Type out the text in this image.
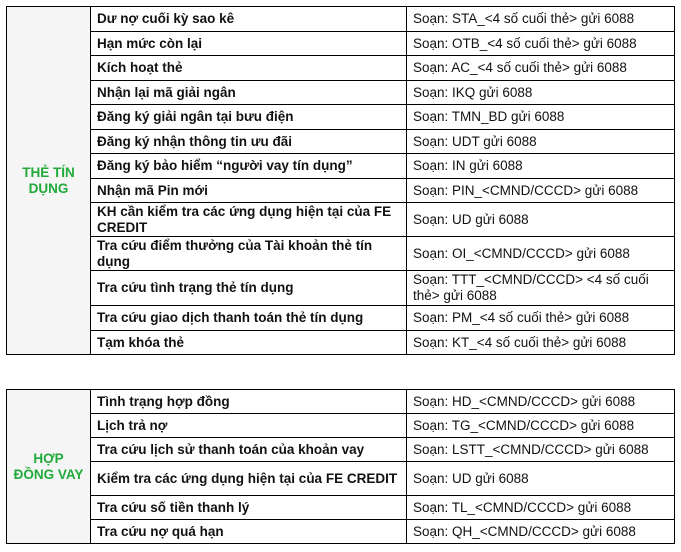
THẺ TÍN DỤNG	Dư nợ cuối kỳ sao kê	Soạn: STA_<4 số cuối thẻ> gửi 6088
	Hạn mức còn lại	Soạn: OTB_<4 số cuối thẻ> gửi 6088
	Kích hoạt thẻ	Soạn: AC_<4 số cuối thẻ> gửi 6088
	Nhận lại mã giải ngân	Soạn: IKQ gửi 6088
	Đăng ký giải ngân tại bưu điện	Soạn: TMN_BD gửi 6088
	Đăng ký nhận thông tin ưu đãi	Soạn: UDT gửi 6088
	Đăng ký bảo hiểm “người vay tín dụng”	Soạn: IN gửi 6088
	Nhận mã Pin mới	Soạn: PIN_<CMND/CCCD> gửi 6088
	KH cần kiểm tra các ứng dụng hiện tại của FE CREDIT	Soạn: UD gửi 6088
	Tra cứu điểm thưởng của Tài khoản thẻ tín dụng	Soạn: OI_<CMND/CCCD> gửi 6088
	Tra cứu tình trạng thẻ tín dụng	Soạn: TTT_<CMND/CCCD> <4 số cuối thẻ> gửi 6088
	Tra cứu giao dịch thanh toán thẻ tín dụng	Soạn: PM_<4 số cuối thẻ> gửi 6088
	Tạm khóa thẻ	Soạn: KT_<4 số cuối thẻ> gửi 6088
HỢP ĐỒNG VAY	Tình trạng hợp đồng	Soạn: HD_<CMND/CCCD> gửi 6088
	Lịch trả nợ	Soạn: TG_<CMND/CCCD> gửi 6088
	Tra cứu lịch sử thanh toán của khoản vay	Soạn: LSTT_<CMND/CCCD> gửi 6088
	Kiểm tra các ứng dụng hiện tại của FE CREDIT	Soạn: UD gửi 6088
	Tra cứu số tiền thanh lý	Soạn: TL_<CMND/CCCD> gửi 6088
	Tra cứu nợ quá hạn	Soạn: QH_<CMND/CCCD> gửi 6088
